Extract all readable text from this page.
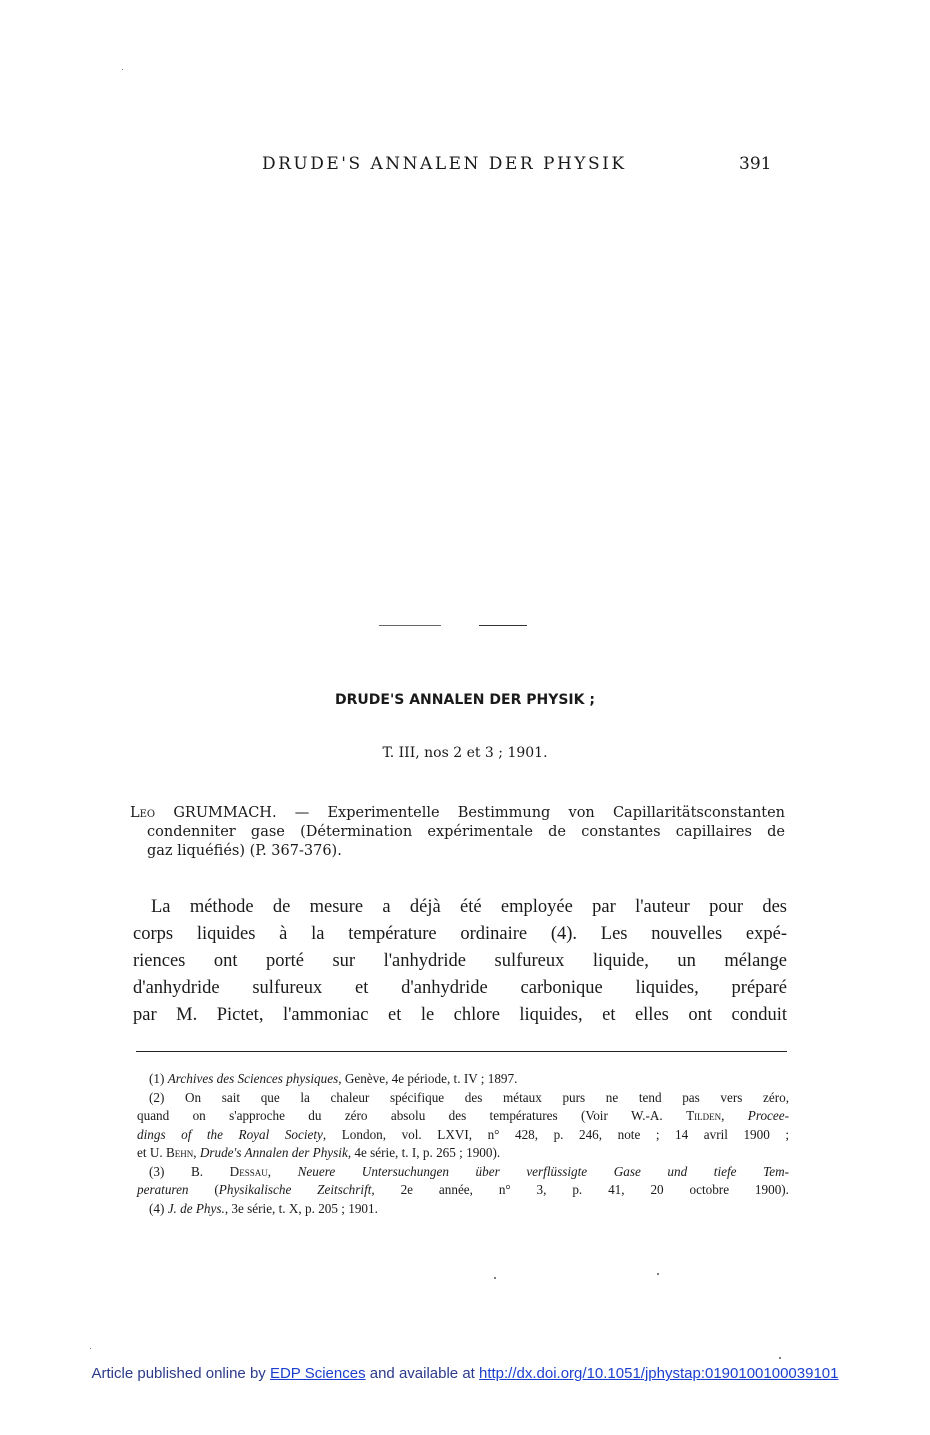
DRUDE'S ANNALEN DER PHYSIK	391
DRUDE'S ANNALEN DER PHYSIK ;
T. III, nos 2 et 3 ; 1901.
Leo GRUMMACH. — Experimentelle Bestimmung von Capillaritätsconstanten
condenniter gase (Détermination expérimentale de constantes capillaires de
gaz liquéfiés) (P. 367-376).
La méthode de mesure a déjà été employée par l'auteur pour des
corps liquides à la température ordinaire (4). Les nouvelles expé-
riences ont porté sur l'anhydride sulfureux liquide, un mélange
d'anhydride sulfureux et d'anhydride carbonique liquides, préparé
par M. Pictet, l'ammoniac et le chlore liquides, et elles ont conduit
(1) Archives des Sciences physiques, Genève, 4e période, t. IV ; 1897.
(2) On sait que la chaleur spécifique des métaux purs ne tend pas vers zéro,
quand on s'approche du zéro absolu des températures (Voir W.-A. Tilden, Procee-
dings of the Royal Society, London, vol. LXVI, n° 428, p. 246, note ; 14 avril 1900 ;
et U. Behn, Drude's Annalen der Physik, 4e série, t. I, p. 265 ; 1900).
(3) B. Dessau, Neuere Untersuchungen über verflüssigte Gase und tiefe Tem-
peraturen (Physikalische Zeitschrift, 2e année, n° 3, p. 41, 20 octobre 1900).
(4) J. de Phys., 3e série, t. X, p. 205 ; 1901.
Article published online by EDP Sciences and available at http://dx.doi.org/10.1051/jphystap:0190100100039101
